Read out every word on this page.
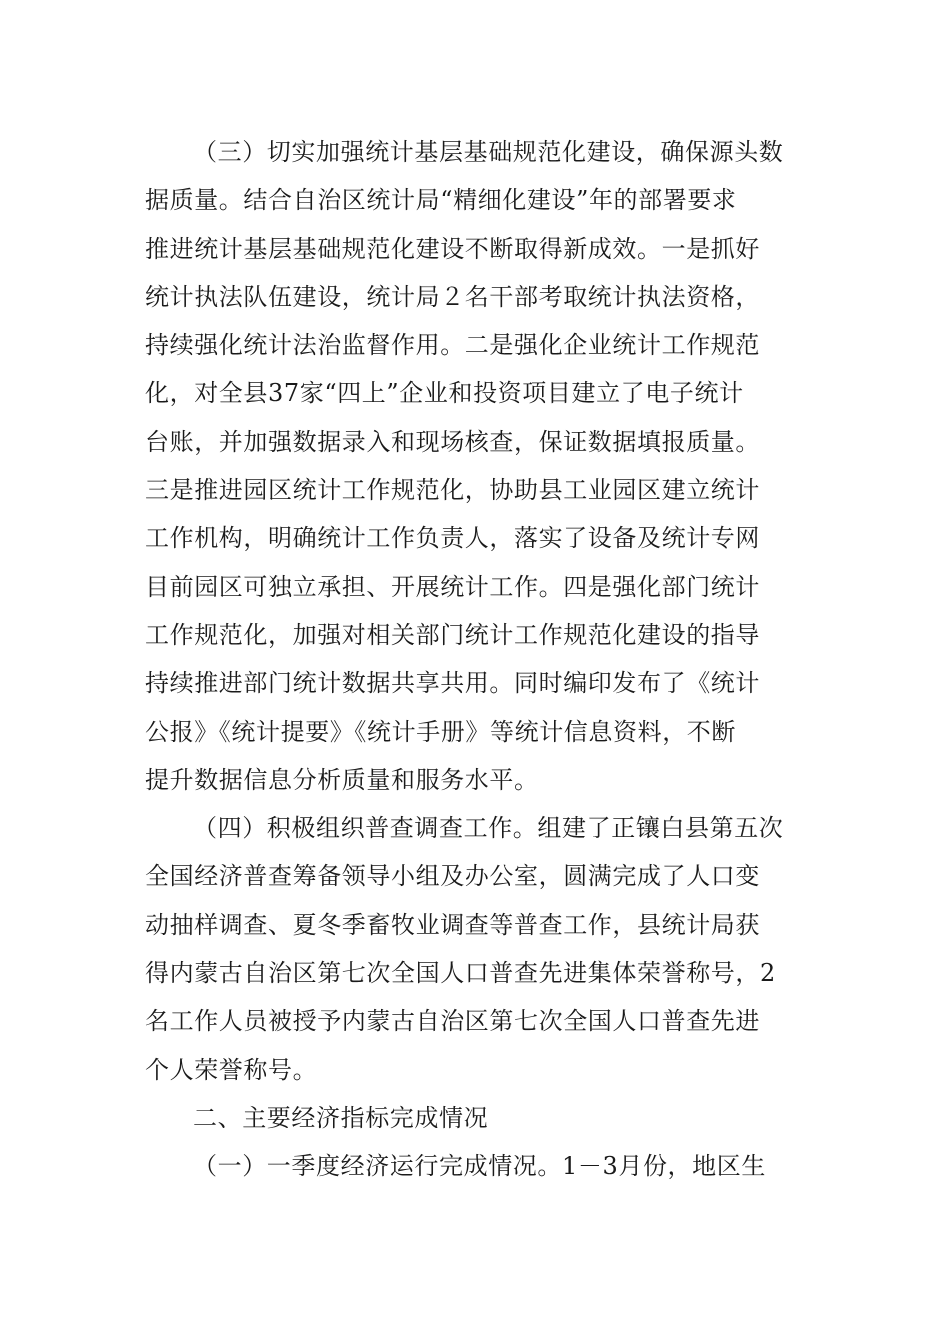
（三）切实加强统计基层基础规范化建设，确保源头数
据质量。结合自治区统计局“精细化建设”年的部署要求
推进统计基层基础规范化建设不断取得新成效。一是抓好
统计执法队伍建设，统计局２名干部考取统计执法资格，
持续强化统计法治监督作用。二是强化企业统计工作规范
化，对全县37家“四上”企业和投资项目建立了电子统计
台账，并加强数据录入和现场核查，保证数据填报质量。
三是推进园区统计工作规范化，协助县工业园区建立统计
工作机构，明确统计工作负责人，落实了设备及统计专网
目前园区可独立承担、开展统计工作。四是强化部门统计
工作规范化，加强对相关部门统计工作规范化建设的指导
持续推进部门统计数据共享共用。同时编印发布了《统计
公报》《统计提要》《统计手册》等统计信息资料，不断
提升数据信息分析质量和服务水平。
（四）积极组织普查调查工作。组建了正镶白县第五次
全国经济普查筹备领导小组及办公室，圆满完成了人口变
动抽样调查、夏冬季畜牧业调查等普查工作，县统计局获
得内蒙古自治区第七次全国人口普查先进集体荣誉称号，2
名工作人员被授予内蒙古自治区第七次全国人口普查先进
个人荣誉称号。
二、主要经济指标完成情况
（一）一季度经济运行完成情况。1－3月份，地区生
